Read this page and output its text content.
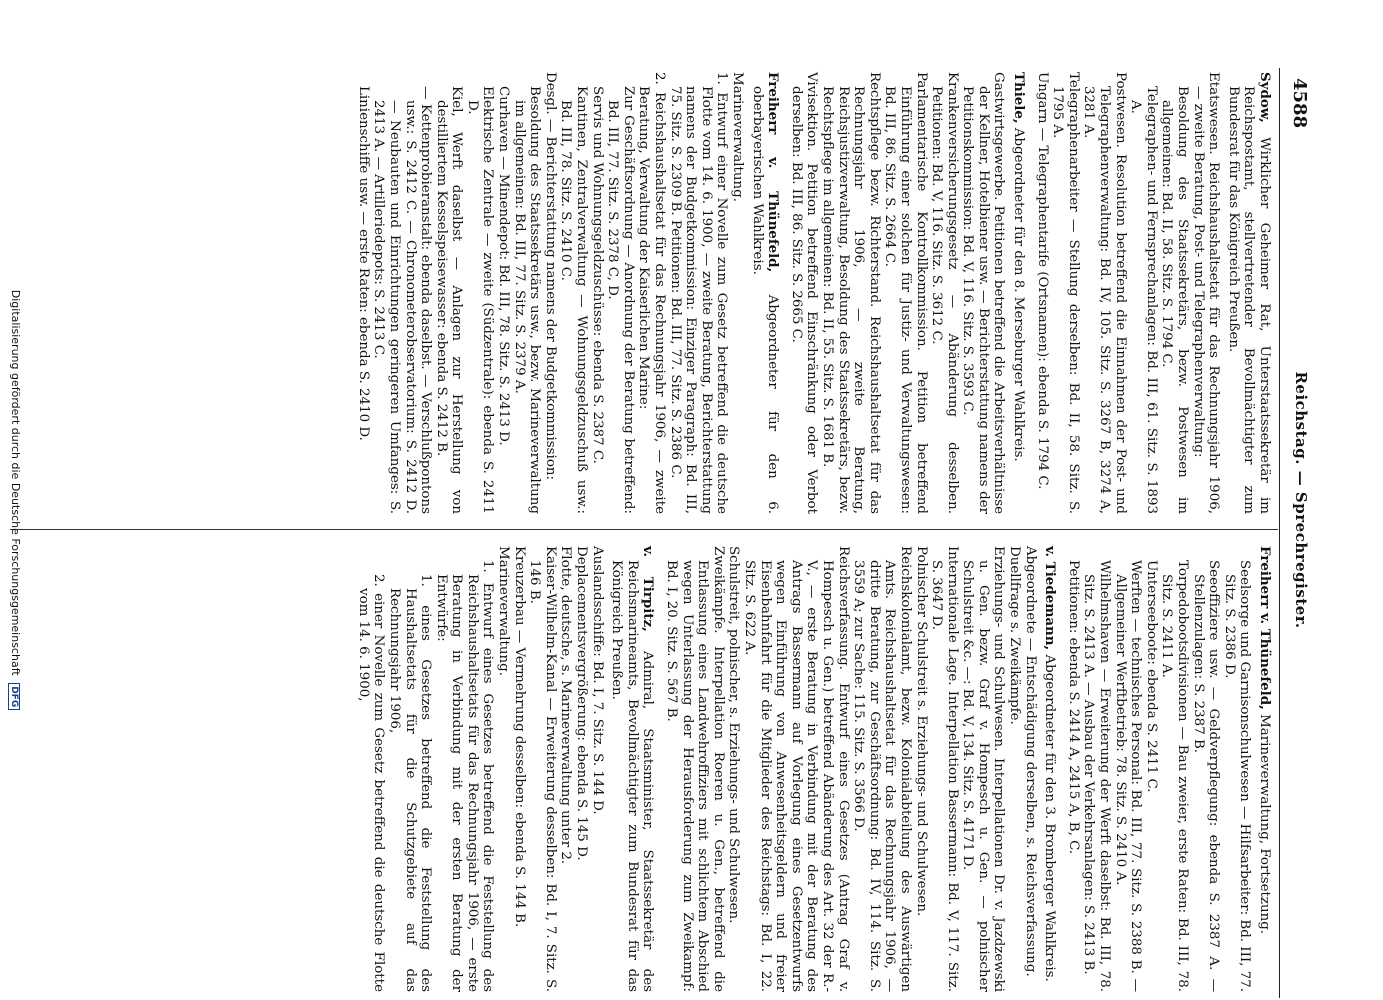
Reichstag. — Sprechregister.
4588
Sydow, Wirklicher Geheimer Rat, Unterstaatssekretär im Reichspostamt, stellvertretender Bevollmächtigter zum Bundesrat für das Königreich Preußen.

Etatswesen. Reichshaushaltsetat für das Rechnungsjahr 1906, — zweite Beratung, Post- und Telegraphenverwaltung:

Besoldung des Staatssekretärs, bezw. Postwesen im allgemeinen: Bd. II, 58. Sitz. S. 1794 C.

Telegraphen- und Fernsprechanlagen: Bd. III, 61. Sitz. S. 1893 A.

Postwesen. Resolution betreffend die Einnahmen der Post- und Telegraphenverwaltung: Bd. IV, 105. Sitz. S. 3267 B, 3274 A, 3281 A.

Telegraphenarbeiter — Stellung derselben: Bd. II, 58. Sitz. S. 1795 A.

Ungarn — Telegraphentarife (Ortsnamen): ebenda S. 1794 C.

Thiele, Abgeordneter für den 8. Merseburger Wahlkreis.

Gastwirtsgewerbe. Petitionen betreffend die Arbeitsverhältnisse der Kellner, Hotelbiener usw. — Berichterstattung namens der Petitionskommission: Bd. V, 116. Sitz. S. 3593 C.

Krankenversicherungsgesetz — Abänderung desselben. Petitionen: Bd. V, 116. Sitz. S. 3612 C.

Parlamentarische Kontrollkommission. Petition betreffend Einführung einer solchen für Justiz- und Verwaltungswesen: Bd. III, 86. Sitz. S. 2664 C.

Rechtspflege bezw. Richterstand. Reichshaushaltsetat für das Rechnungsjahr 1906, — zweite Beratung, Reichsjustizverwaltung, Besoldung des Staatssekretärs, bezw. Rechtspflege im allgemeinen: Bd. II, 55. Sitz. S. 1681 B.

Vivisektion. Petition betreffend Einschränkung oder Verbot derselben: Bd. III, 86. Sitz. S. 2665 C.

Freiherr v. Thünefeld, Abgeordneter für den 6. oberbayerischen Wahlkreis.

Marineverwaltung.

1. Entwurf einer Novelle zum Gesetz betreffend die deutsche Flotte vom 14. 6. 1900, — zweite Beratung, Berichterstattung namens der Budgetkommission: Einziger Paragraph: Bd. III, 75. Sitz. S. 2309 B. Petitionen: Bd. III, 77. Sitz. S. 2386 C.

2. Reichshaushaltsetat für das Rechnungsjahr 1906, — zweite Beratung, Verwaltung der Kaiserlichen Marine:

Zur Geschäftsordnung — Anordnung der Beratung betreffend: Bd. III, 77. Sitz. S. 2378 C, D.

Servis und Wohnungsgeldzuschüsse: ebenda S. 2387 C.

Kantinen, Zentralverwaltung — Wohnungsgeldzuschuß usw.: Bd. III, 78. Sitz. S. 2410 C.

Desgl. — Berichterstattung namens der Budgetkommission:

Besoldung des Staatssekretärs usw., bezw. Marineverwaltung im allgemeinen: Bd. III, 77. Sitz. S. 2379 A.

Curhaven — Minendepot: Bd. III, 78. Sitz. S. 2413 D.

Elektrische Zentrale — zweite (Südzentrale): ebenda S. 2411 D.

Kiel, Werft daselbst — Anlagen zur Herstellung von destilliertem Kesselspeisewasser: ebenda S. 2412 B.

— Kettenprobieranstalt: ebenda daselbst. — Verschlußpontons usw.: S. 2412 C. — Chronometerobservatorium: S. 2412 D. — Neubauten und Einrichtungen geringeren Umfanges: S. 2413 A. — Artilleriedepots: S. 2413 C.

Linienschiffe usw. — erste Raten: ebenda S. 2410 D.

Freiherr v. Thünefeld, Marineverwaltung, Fortsetzung.

Seelsorge und Garnisonschulwesen — Hilfsarbeiter: Bd. III, 77. Sitz. S. 2386 D.

Seeoffiziere usw. — Geldverpflegung: ebenda S. 2387 A. — Stellenzulagen: S. 2387 B.

Torpedobootsdivisionen — Bau zweier, erste Raten: Bd. III, 78. Sitz. S. 2411 A.

Unterseeboote: ebenda S. 2411 C.

Werften — technisches Personal: Bd. III, 77. Sitz. S. 2388 B. — Allgemeiner Werftbetrieb: 78. Sitz. S. 2410 A.

Wilhelmshaven — Erweiterung der Werft daselbst: Bd. III, 78. Sitz. S. 2413 A. — Ausbau der Verkehrsanlagen: S. 2413 B.

Petitionen: ebenda S. 2414 A, 2415 A, B, C.

v. Tiedemann, Abgeordneter für den 3. Bromberger Wahlkreis.

Abgeordnete — Entschädigung derselben, s. Reichsverfassung.

Duellfrage s. Zweikämpfe.

Erziehungs- und Schulwesen. Interpellationen Dr. v. Jazdzewski u. Gen. bezw. Graf v. Hompesch u. Gen. — polnischer Schulstreit &c. —: Bd. V, 134. Sitz. S. 4171 D.

Internationale Lage. Interpellation Bassermann: Bd. V, 117. Sitz. S. 3647 D.

Polnischer Schulstreit s. Erziehungs- und Schulwesen.

Reichskolonialamt, bezw. Kolonialabteilung des Auswärtigen Amts. Reichshaushaltsetat für das Rechnungsjahr 1906, — dritte Beratung, zur Geschäftsordnung: Bd. IV, 114. Sitz. S. 3559 A; zur Sache: 115. Sitz. S. 3566 D.

Reichsverfassung. Entwurf eines Gesetzes (Antrag Graf v. Hompesch u. Gen.) betreffend Abänderung des Art. 32 der R.-V., — erste Beratung in Verbindung mit der Beratung des Antrags Bassermann auf Vorlegung eines Gesetzentwurfs wegen Einführung von Anwesenheitsgeldern und freier Eisenbahnfahrt für die Mitglieder des Reichstags: Bd. I, 22. Sitz. S. 622 A.

Schulstreit, polnischer, s. Erziehungs- und Schulwesen.

Zweikämpfe. Interpellation Roeren u. Gen., betreffend die Entlassung eines Landwehroffiziers mit schlichtem Abschied wegen Unterlassung der Herausforderung zum Zweikampf: Bd. I, 20. Sitz. S. 567 B.

v. Tirpitz, Admiral, Staatsminister, Staatssekretär des Reichsmarineamts, Bevollmächtigter zum Bundesrat für das Königreich Preußen.

Auslandsschiffe: Bd. I, 7. Sitz. S. 144 D.

Deplacementsvergrößerung: ebenda S. 145 D.

Flotte, deutsche, s. Marineverwaltung unter 2.

Kaiser-Wilhelm-Kanal — Erweiterung desselben: Bd. I, 7. Sitz. S. 146 B.

Kreuzerbau — Vermehrung desselben: ebenda S. 144 B.

Marineverwaltung.

1. Entwurf eines Gesetzes betreffend die Feststellung des Reichshaushaltsetats für das Rechnungsjahr 1906, — erste Beratung in Verbindung mit der ersten Beratung der Entwürfe:

1. eines Gesetzes betreffend die Feststellung des Haushaltsetats für die Schutzgebiete auf das Rechnungsjahr 1906,

2. einer Novelle zum Gesetz betreffend die deutsche Flotte vom 14. 6. 1900,

Digitalisierung gefördert durch die Deutsche Forschungsgemeinschaft DFG
